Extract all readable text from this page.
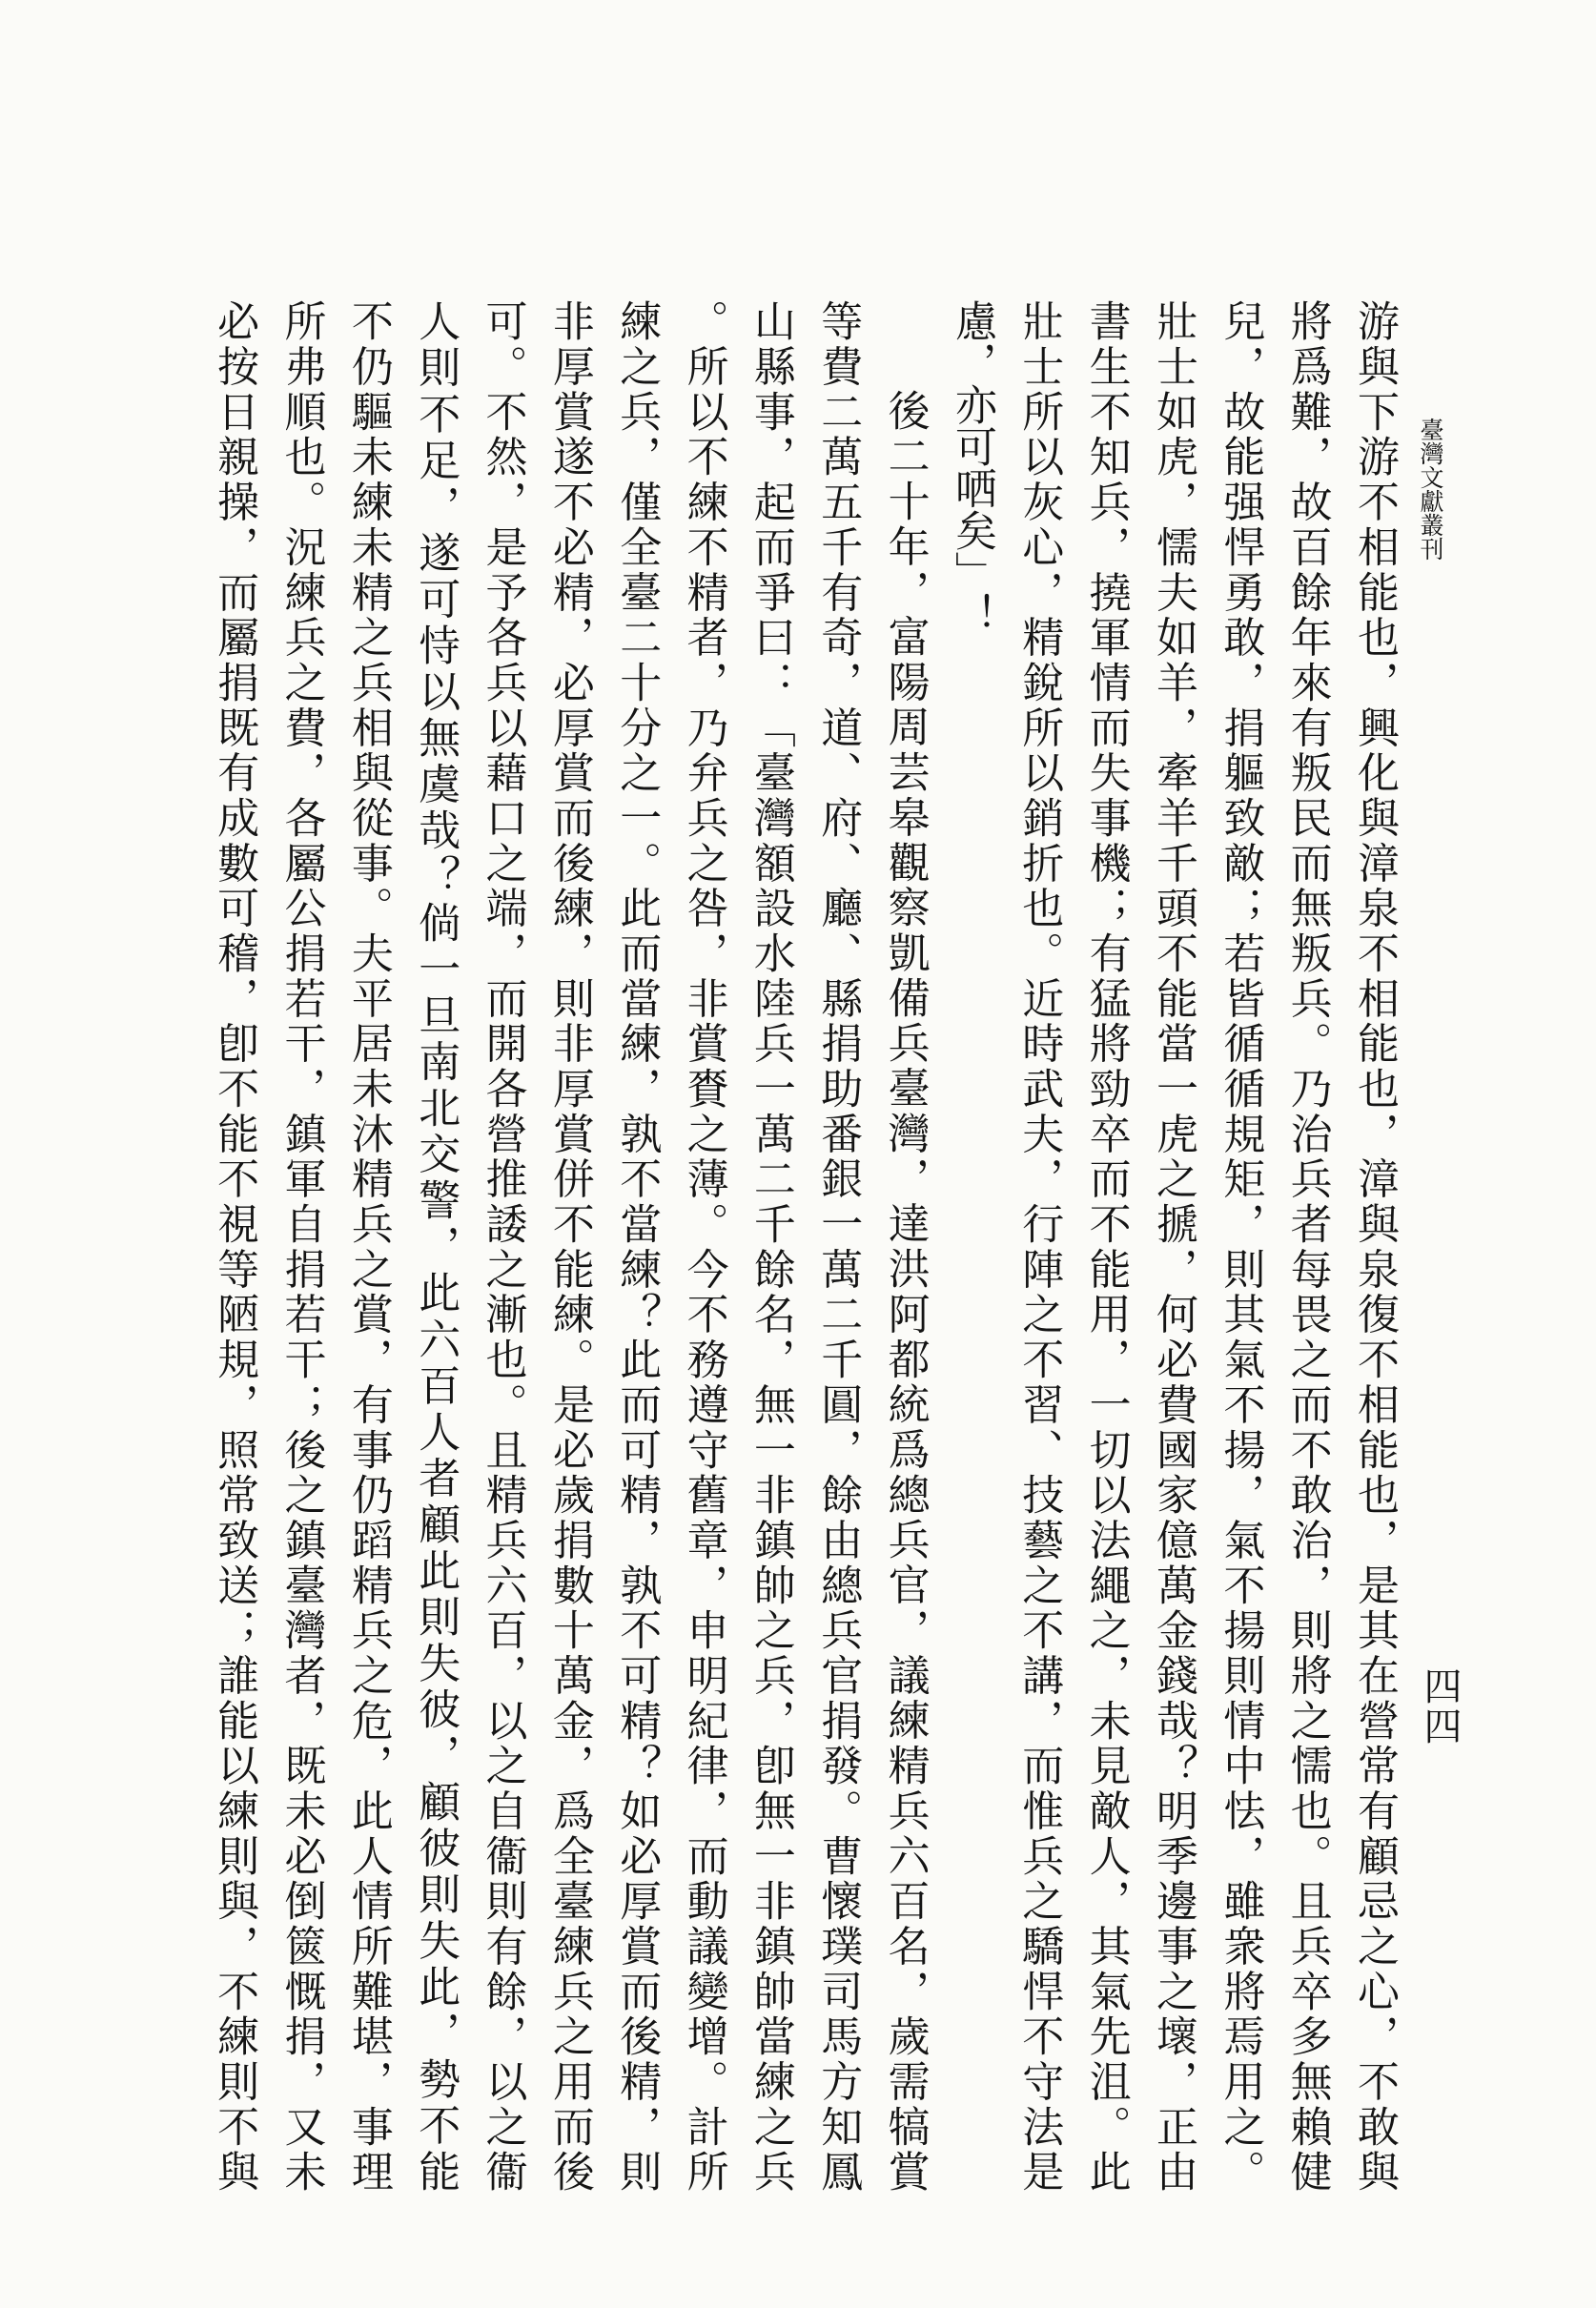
臺灣文獻叢刊
四四

游與下游不相能也，興化與漳泉不相能也，漳與泉復不相能也，是其在營常有顧忌之心，不敢與

將爲難，故百餘年來有叛民而無叛兵。乃治兵者每畏之而不敢治，則將之懦也。且兵卒多無賴健

兒，故能强悍勇敢，捐軀致敵；若皆循循規矩，則其氣不揚，氣不揚則情中怯，雖衆將焉用之。

壯士如虎，懦夫如羊，牽羊千頭不能當一虎之搋，何必費國家億萬金錢哉？明季邊事之壞，正由

書生不知兵，撓軍情而失事機；有猛將勁卒而不能用，一切以法繩之，未見敵人，其氣先沮。此

壯士所以灰心，精銳所以銷折也。近時武夫，行陣之不習、技藝之不講，而惟兵之驕悍不守法是

慮，亦可哂矣」！

後二十年，富陽周芸皋觀察凱備兵臺灣，達洪阿都統爲總兵官，議練精兵六百名，歲需犒賞

等費二萬五千有奇，道、府、廳、縣捐助番銀一萬二千圓，餘由總兵官捐發。曹懷璞司馬方知鳳

山縣事，起而爭曰：「臺灣額設水陸兵一萬二千餘名，無一非鎮帥之兵，卽無一非鎮帥當練之兵

。所以不練不精者，乃弁兵之咎，非賞賚之薄。今不務遵守舊章，申明紀律，而動議變增。計所

練之兵，僅全臺二十分之一。此而當練，孰不當練？此而可精，孰不可精？如必厚賞而後精，則

非厚賞遂不必精，必厚賞而後練，則非厚賞併不能練。是必歲捐數十萬金，爲全臺練兵之用而後

可。不然，是予各兵以藉口之端，而開各營推諉之漸也。且精兵六百，以之自衞則有餘，以之衞

人則不足，遂可恃以無虞哉？倘一旦南北交警，此六百人者顧此則失彼，顧彼則失此，勢不能

不仍驅未練未精之兵相與從事。夫平居未沐精兵之賞，有事仍蹈精兵之危，此人情所難堪，事理

所弗順也。況練兵之費，各屬公捐若干，鎮軍自捐若干；後之鎮臺灣者，既未必倒篋慨捐，又未

必按日親操，而屬捐既有成數可稽，卽不能不視等陋規，照常致送；誰能以練則與，不練則不與
